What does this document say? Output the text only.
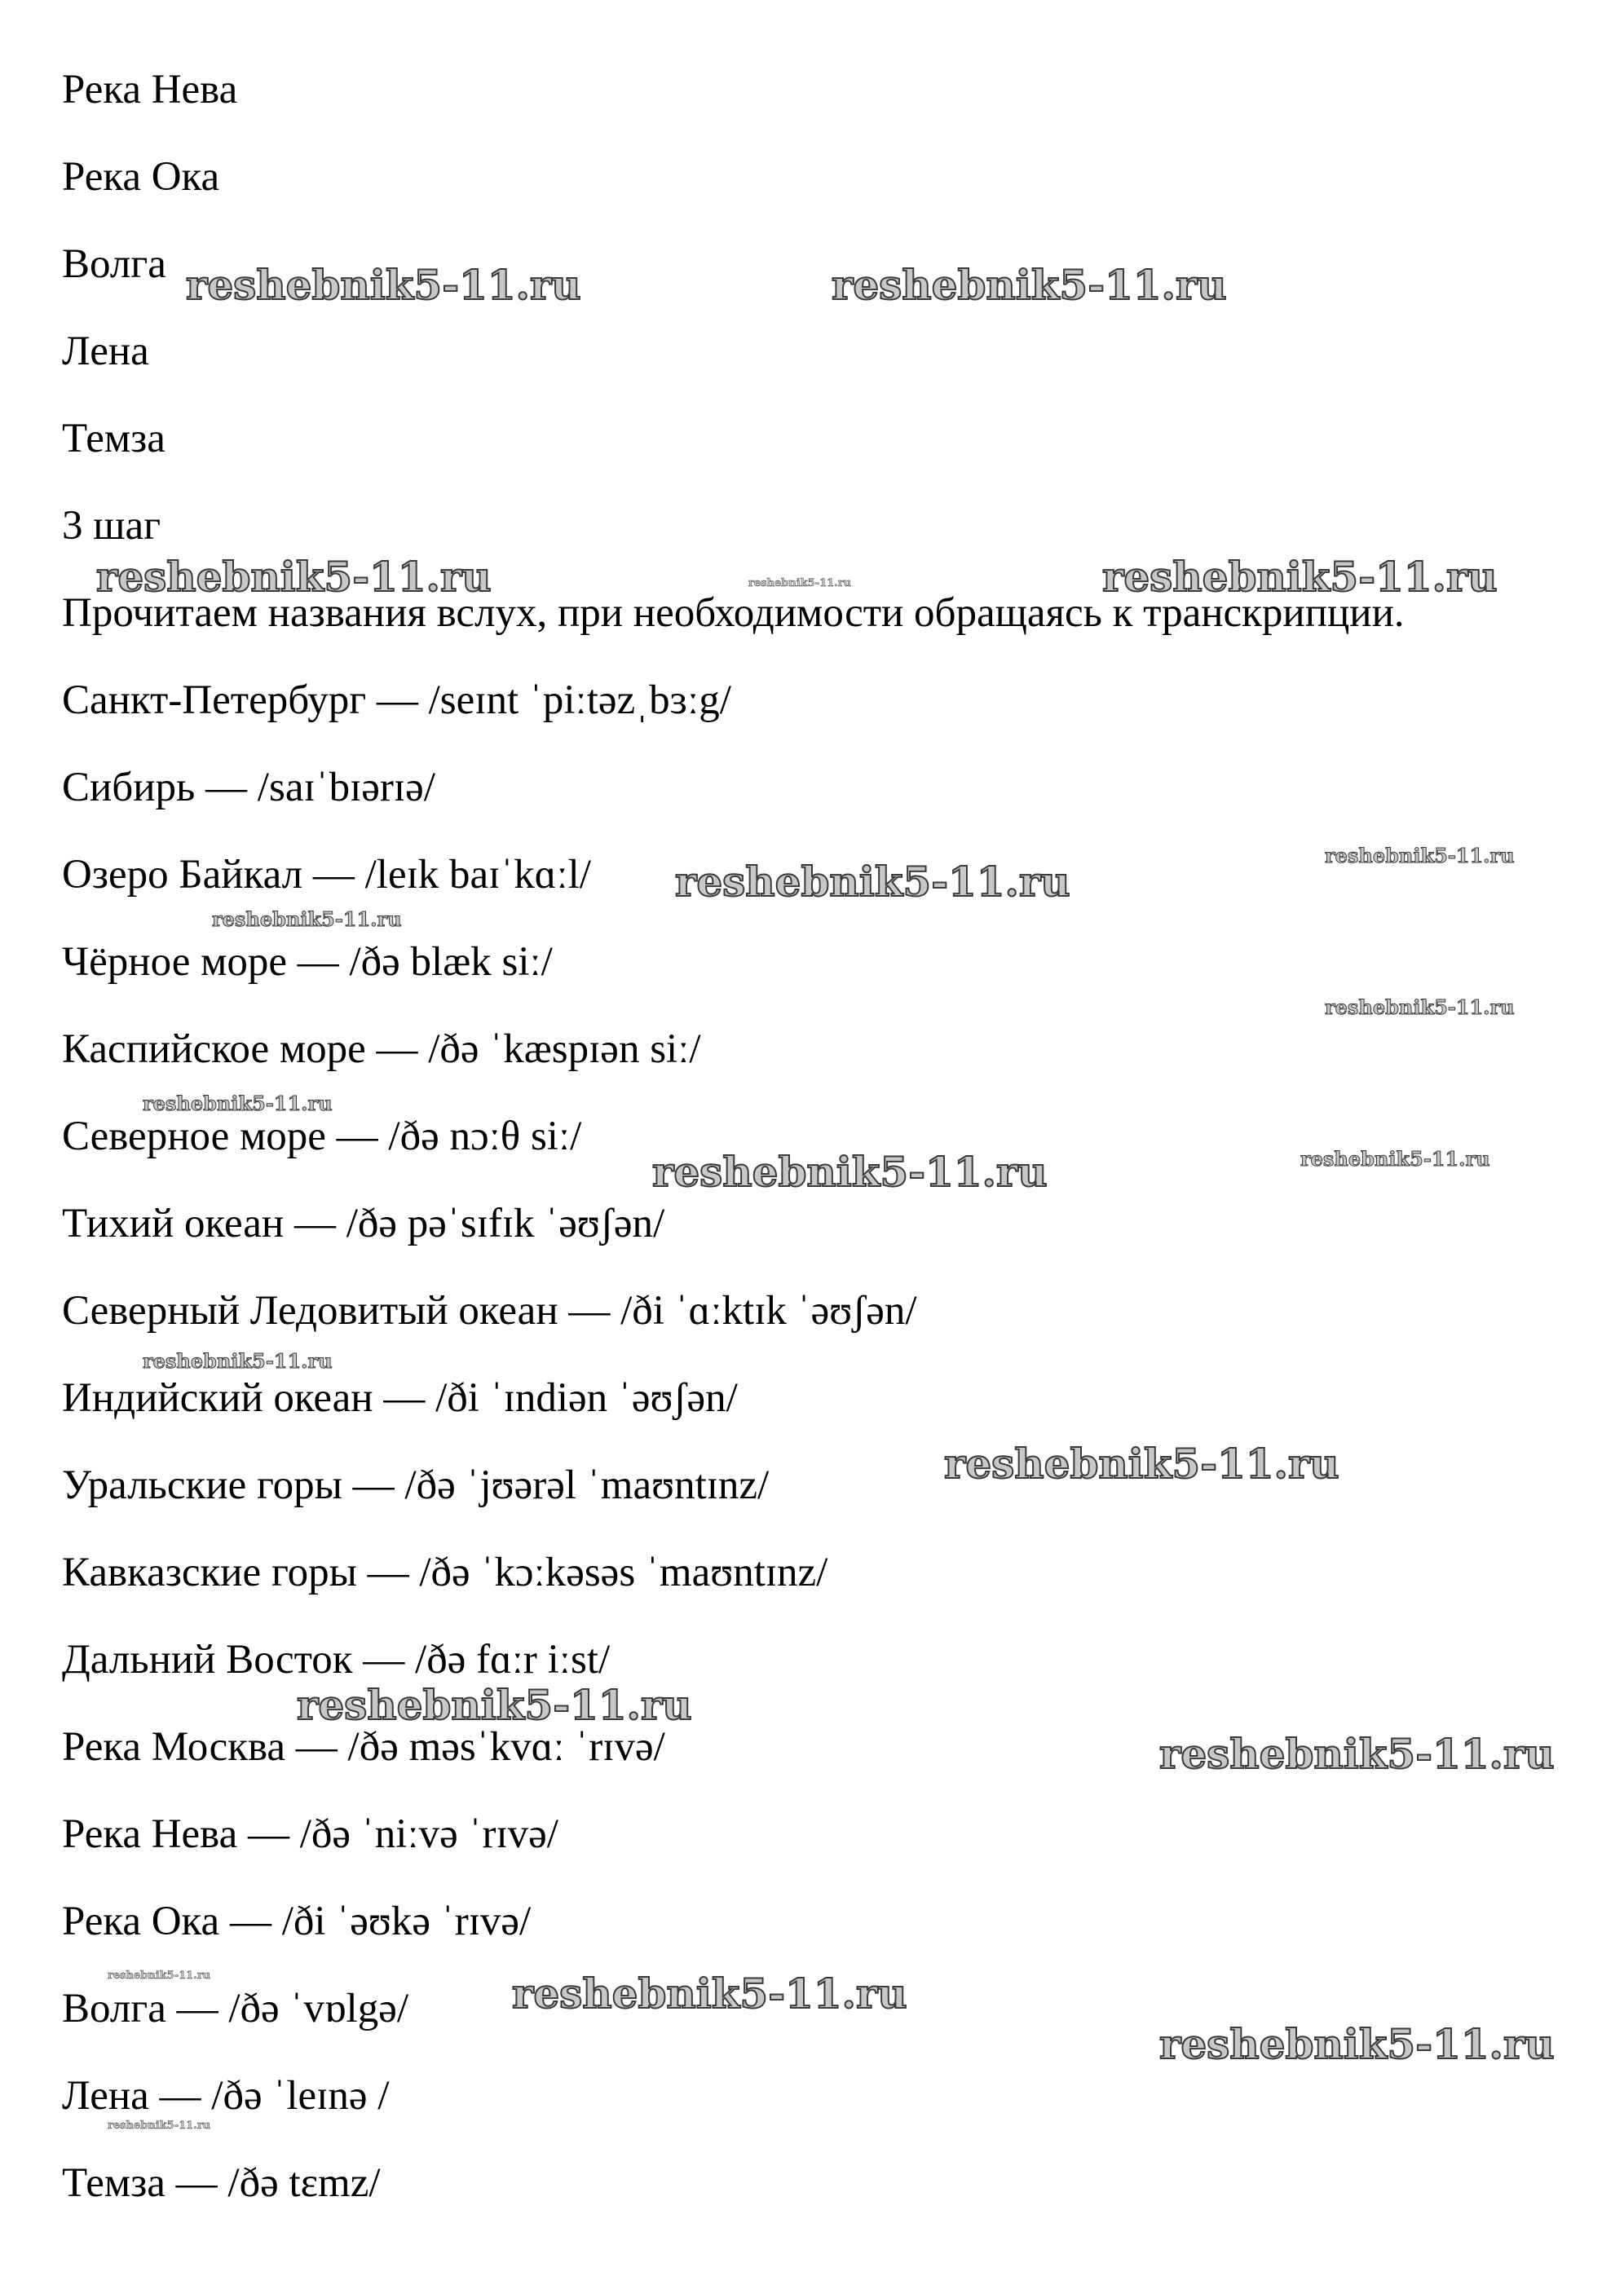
Река Нева
Река Ока
Волга
Лена
Темза
3 шаг
Прочитаем названия вслух, при необходимости обращаясь к транскрипции.
Санкт-Петербург — /seɪnt ˈpiːtəzˌbɜːg/
Сибирь — /saɪˈbɪərɪə/
Озеро Байкал — /leɪk baɪˈkɑːl/
Чёрное море — /ðə blæk siː/
Каспийское море — /ðə ˈkæspɪən siː/
Северное море — /ðə nɔːθ siː/
Тихий океан — /ðə pəˈsɪfɪk ˈəʊʃən/
Северный Ледовитый океан — /ði ˈɑːktɪk ˈəʊʃən/
Индийский океан — /ði ˈɪndiən ˈəʊʃən/
Уральские горы — /ðə ˈjʊərəl ˈmaʊntɪnz/
Кавказские горы — /ðə ˈkɔːkəsəs ˈmaʊntɪnz/
Дальний Восток — /ðə fɑːr iːst/
Река Москва — /ðə məsˈkvɑː ˈrɪvə/
Река Нева — /ðə ˈniːvə ˈrɪvə/
Река Ока — /ði ˈəʊkə ˈrɪvə/
Волга — /ðə ˈvɒlgə/
Лена — /ðə ˈleɪnə /
Темза — /ðə tɛmz/
reshebnik5-11.ru	reshebnik5-11.ru
reshebnik5-11.ru	reshebnik5-11.ru	reshebnik5-11.ru
reshebnik5-11.ru
reshebnik5-11.ru
reshebnik5-11.ru
reshebnik5-11.ru
reshebnik5-11.ru
reshebnik5-11.ru	reshebnik5-11.ru
reshebnik5-11.ru
reshebnik5-11.ru
reshebnik5-11.ru
reshebnik5-11.ru
reshebnik5-11.ru	reshebnik5-11.ru
reshebnik5-11.ru
reshebnik5-11.ru
